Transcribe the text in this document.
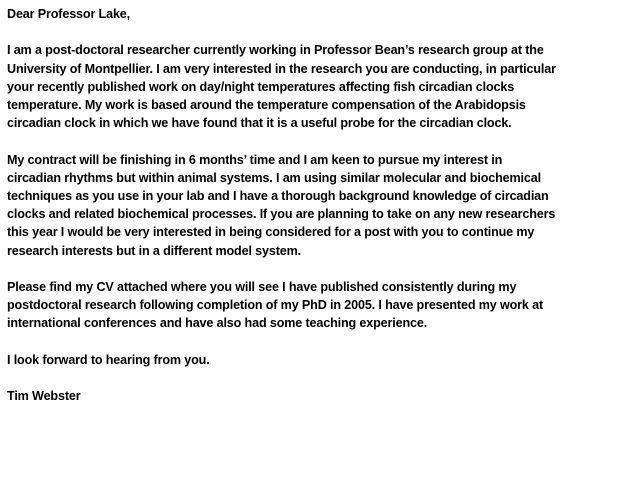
Dear Professor Lake,

I am a post-doctoral researcher currently working in Professor Bean’s research group at the
University of Montpellier. I am very interested in the research you are conducting, in particular
your recently published work on day/night temperatures affecting fish circadian clocks
temperature. My work is based around the temperature compensation of the Arabidopsis
circadian clock in which we have found that it is a useful probe for the circadian clock.

My contract will be finishing in 6 months’ time and I am keen to pursue my interest in
circadian rhythms but within animal systems. I am using similar molecular and biochemical
techniques as you use in your lab and I have a thorough background knowledge of circadian
clocks and related biochemical processes. If you are planning to take on any new researchers
this year I would be very interested in being considered for a post with you to continue my
research interests but in a different model system.

Please find my CV attached where you will see I have published consistently during my
postdoctoral research following completion of my PhD in 2005. I have presented my work at
international conferences and have also had some teaching experience.

I look forward to hearing from you.

Tim Webster
